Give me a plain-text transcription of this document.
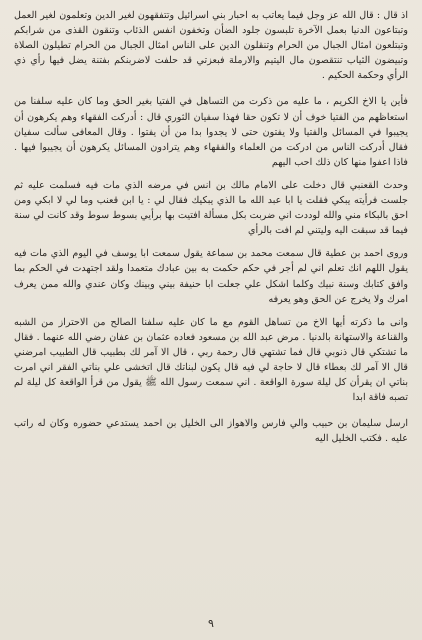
اذ قال : قال الله عز وجل فيما يعاتب به احبار بني اسرائيل وتتفقهون لغير الدين وتعلمون لغير العمل وتبتاعون الدنيا بعمل الآخرة تلبسون جلود الضأن وتخفون انفس الذئاب وتنقون القذى من شرابكم وتبتلعون امثال الجبال من الحرام وتنقلون الدين على الناس امثال الجبال من الحرام تطيلون الصلاة وتبيضون الثياب تنتقصون مال اليتيم والارملة فبعزتي قد حلفت لاضربنكم بفتنة يضل فيها رأي ذي الرأي وحكمة الحكيم .

فأين يا الاخ الكريم ، ما عليه من ذكرت من التساهل في الفتيا بغير الحق وما كان عليه سلفنا من استعاظهم من الفتيا خوف أن لا تكون حقا فهذا سفيان الثوري قال : أدركت الفقهاء وهم يكرهون أن يجيبوا في المسائل والفتيا ولا يفتون حتى لا يجدوا بدا من أن يفتوا . وقال المعافى سألت سفيان فقال أدركت الناس من ادركت من العلماء والفقهاء وهم يترادون المسائل يكرهون أن يجيبوا فيها . فاذا اعفوا منها كان ذلك احب اليهم

وحدث القعنبي قال دخلت على الامام مالك بن انس في مرضه الذي مات فيه فسلمت عليه ثم جلست فرأيته يبكي فقلت يا ابا عبد الله ما الذي يبكيك فقال لي : يا ابن قعنب وما لي لا ابكي ومن احق بالبكاء مني والله لوددت اني ضربت بكل مسألة افتيت بها برأيي بسوط سوط وقد كانت لي سنة فيما قد سبقت اليه وليتني لم افت بالرأي

وروى احمد بن عطية قال سمعت محمد بن سماعة يقول سمعت ابا يوسف في اليوم الذي مات فيه يقول اللهم انك تعلم اني لم أجر في حكم حكمت به بين عبادك متعمدا ولقد اجتهدت في الحكم بما وافق كتابك وسنة نبيك وكلما اشكل علي جعلت ابا حنيفة بيني وبينك وكان عندي والله ممن يعرف امرك ولا يخرج عن الحق وهو يعرفه

وانى ما ذكرته أيها الاخ من تساهل القوم مع ما كان عليه سلفنا الصالح من الاحتراز من الشبه والقناعة والاستهانة بالدنيا . مرض عبد الله بن مسعود فعاده عثمان بن عفان رضي الله عنهما . فقال ما تشتكي قال ذنوبي قال فما تشتهي قال رحمة ربي ، قال الا آمر لك بطبيب قال الطبيب امرضني قال الا آمر لك بعطاء قال لا حاجة لي فيه قال يكون لبناتك قال اتخشى علي بناتي الفقر اني امرت بناتي ان يقرأن كل ليلة سورة الواقعة . اني سمعت رسول الله ﷺ يقول من قرأ الواقعة كل ليلة لم تصبه فاقة ابدا

ارسل سليمان بن حبيب والي فارس والاهواز الى الخليل بن احمد يستدعي حضوره وكان له راتب عليه . فكتب الخليل اليه

٩
